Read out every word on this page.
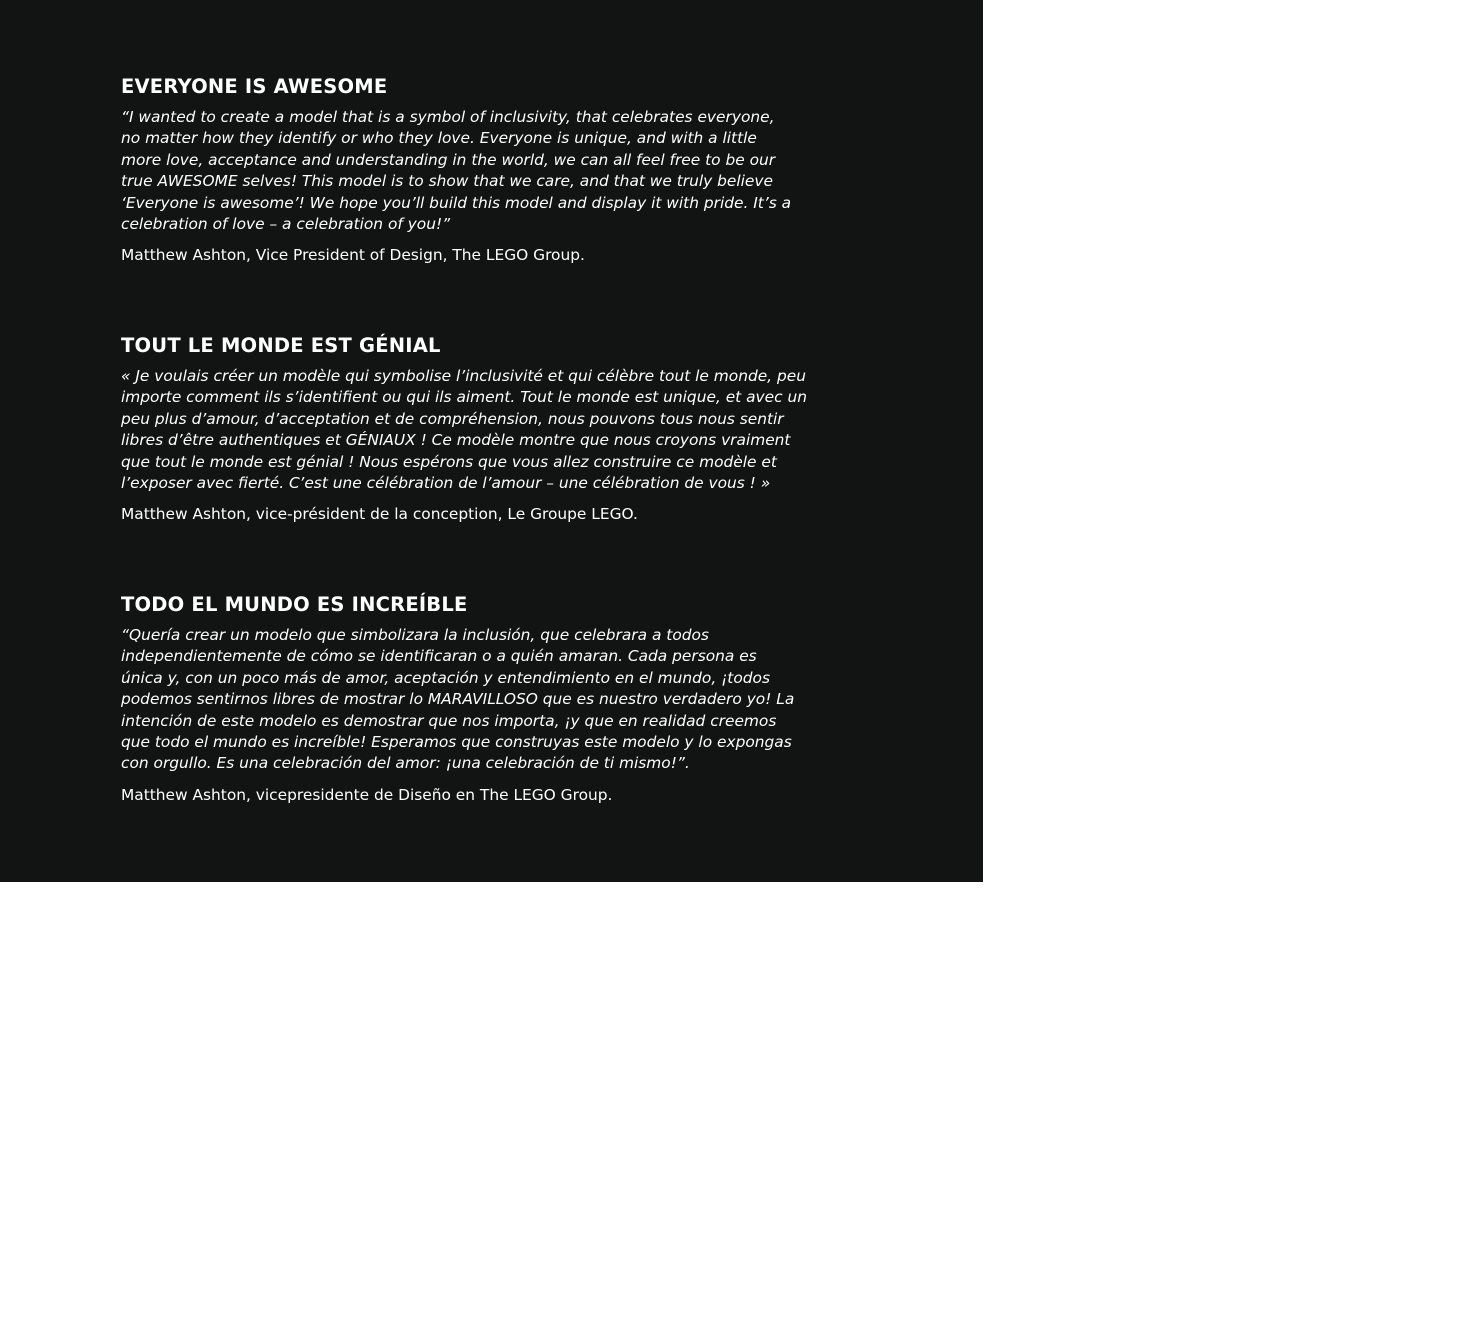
EVERYONE IS AWESOME

“I wanted to create a model that is a symbol of inclusivity, that celebrates everyone,
no matter how they identify or who they love. Everyone is unique, and with a little
more love, acceptance and understanding in the world, we can all feel free to be our
true AWESOME selves! This model is to show that we care, and that we truly believe
‘Everyone is awesome’! We hope you’ll build this model and display it with pride. It’s a
celebration of love – a celebration of you!”

Matthew Ashton, Vice President of Design, The LEGO Group.

TOUT LE MONDE EST GÉNIAL

« Je voulais créer un modèle qui symbolise l’inclusivité et qui célèbre tout le monde, peu
importe comment ils s’identifient ou qui ils aiment. Tout le monde est unique, et avec un
peu plus d’amour, d’acceptation et de compréhension, nous pouvons tous nous sentir
libres d’être authentiques et GÉNIAUX ! Ce modèle montre que nous croyons vraiment
que tout le monde est génial ! Nous espérons que vous allez construire ce modèle et
l’exposer avec fierté. C’est une célébration de l’amour – une célébration de vous ! »

Matthew Ashton, vice-président de la conception, Le Groupe LEGO.

TODO EL MUNDO ES INCREÍBLE

“Quería crear un modelo que simbolizara la inclusión, que celebrara a todos
independientemente de cómo se identificaran o a quién amaran. Cada persona es
única y, con un poco más de amor, aceptación y entendimiento en el mundo, ¡todos
podemos sentirnos libres de mostrar lo MARAVILLOSO que es nuestro verdadero yo! La
intención de este modelo es demostrar que nos importa, ¡y que en realidad creemos
que todo el mundo es increíble! Esperamos que construyas este modelo y lo expongas
con orgullo. Es una celebración del amor: ¡una celebración de ti mismo!”.

Matthew Ashton, vicepresidente de Diseño en The LEGO Group.
